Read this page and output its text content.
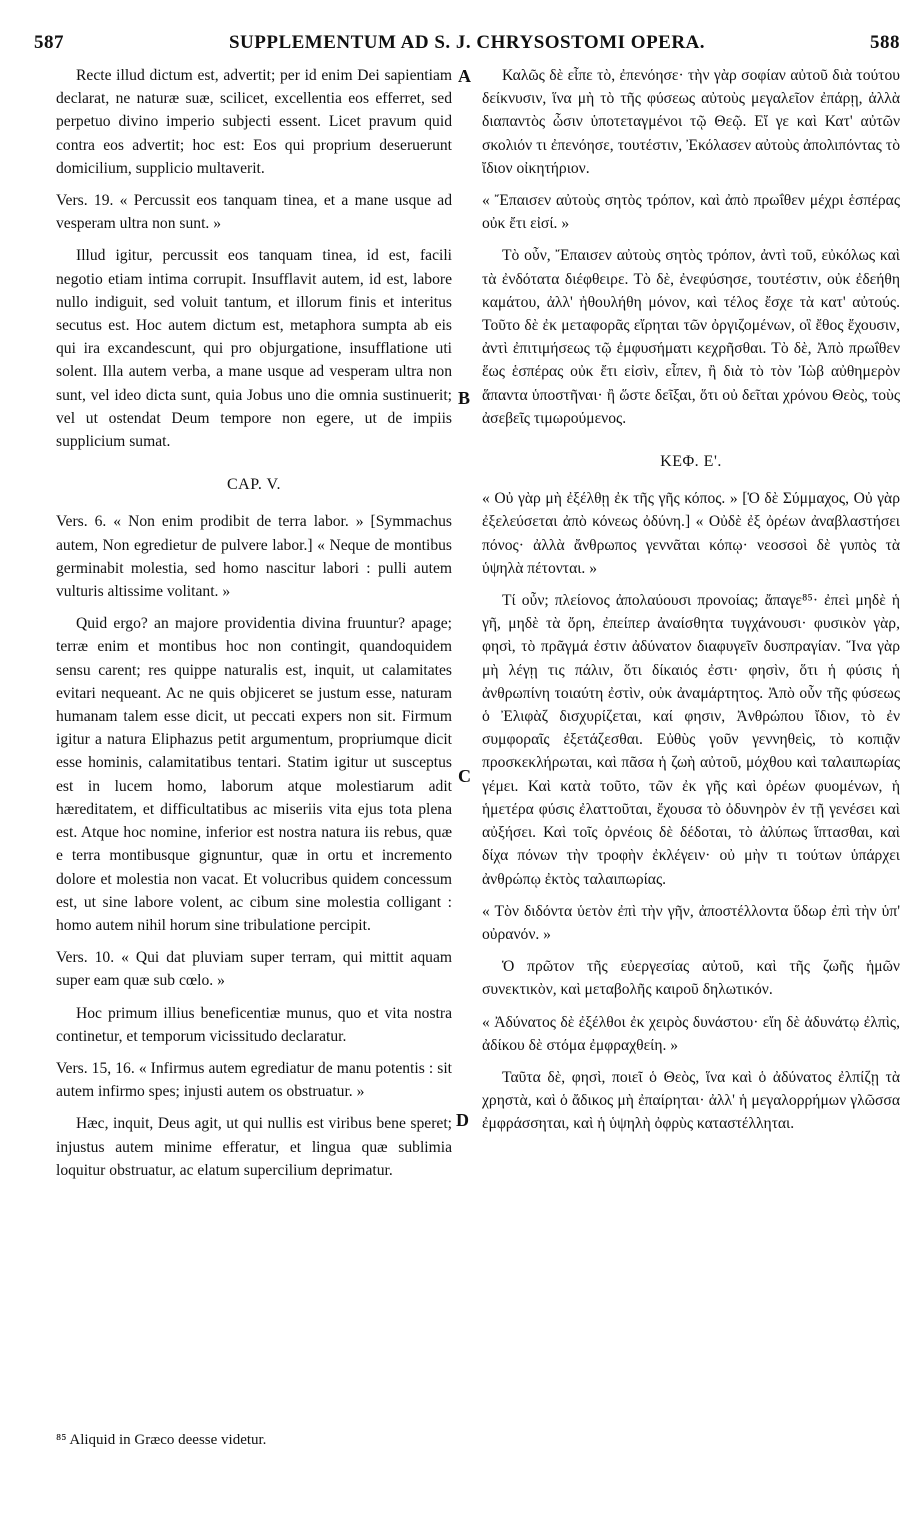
587	SUPPLEMENTUM AD S. J. CHRYSOSTOMI OPERA.	588

Recte illud dictum est, advertit; per id enim Dei sapientiam declarat, ne naturæ suæ, scilicet, excellentia eos efferret, sed perpetuo divino imperio subjecti essent. Licet pravum quid contra eos advertit; hoc est: Eos qui proprium deseruerunt domicilium, supplicio multaverit.

Vers. 19. « Percussit eos tanquam tinea, et a mane usque ad vesperam ultra non sunt. »

Illud igitur, percussit eos tanquam tinea, id est, facili negotio etiam intima corrupit. Insufflavit autem, id est, labore nullo indiguit, sed voluit tantum, et illorum finis et interitus secutus est. Hoc autem dictum est, metaphora sumpta ab eis qui ira excandescunt, qui pro objurgatione, insufflatione uti solent. Illa autem verba, a mane usque ad vesperam ultra non sunt, vel ideo dicta sunt, quia Jobus uno die omnia sustinuerit; vel ut ostendat Deum tempore non egere, ut de impiis supplicium sumat.

CAP. V.

Vers. 6. « Non enim prodibit de terra labor. » [Symmachus autem, Non egredietur de pulvere labor.] « Neque de montibus germinabit molestia, sed homo nascitur labori : pulli autem vulturis altissime volitant. »

Quid ergo? an majore providentia divina fruuntur? apage; terræ enim et montibus hoc non contingit, quandoquidem sensu carent; res quippe naturalis est, inquit, ut calamitates evitari nequeant. Ac ne quis objiceret se justum esse, naturam humanam talem esse dicit, ut peccati expers non sit. Firmum igitur a natura Eliphazus petit argumentum, propriumque dicit esse hominis, calamitatibus tentari. Statim igitur ut susceptus est in lucem homo, laborum atque molestiarum adit hæreditatem, et difficultatibus ac miseriis vita ejus tota plena est. Atque hoc nomine, inferior est nostra natura iis rebus, quæ e terra montibusque gignuntur, quæ in ortu et incremento dolore et molestia non vacat. Et volucribus quidem concessum est, ut sine labore volent, ac cibum sine molestia colligant : homo autem nihil horum sine tribulatione percipit.

Vers. 10. « Qui dat pluviam super terram, qui mittit aquam super eam quæ sub cœlo. »

Hoc primum illius beneficentiæ munus, quo et vita nostra continetur, et temporum vicissitudo declaratur.

Vers. 15, 16. « Infirmus autem egrediatur de manu potentis : sit autem infirmo spes; injusti autem os obstruatur. »

Hæc, inquit, Deus agit, ut qui nullis est viribus bene speret; injustus autem minime efferatur, et lingua quæ sublimia loquitur obstruatur, ac elatum supercilium deprimatur.

A
B
C
D

Καλῶς δὲ εἶπε τὸ, ἐπενόησε· τὴν γὰρ σοφίαν αὐτοῦ διὰ τούτου δείκνυσιν, ἵνα μὴ τὸ τῆς φύσεως αὐτοὺς μεγαλεῖον ἐπάρῃ, ἀλλὰ διαπαντὸς ὦσιν ὑποτεταγμένοι τῷ Θεῷ. Εἴ γε καὶ Κατ' αὐτῶν σκολιόν τι ἐπενόησε, τουτέστιν, Ἐκόλασεν αὐτοὺς ἀπολιπόντας τὸ ἴδιον οἰκητήριον.

« Ἔπαισεν αὐτοὺς σητὸς τρόπον, καὶ ἀπὸ πρωΐθεν μέχρι ἑσπέρας οὐκ ἔτι εἰσί. »

Τὸ οὖν, Ἔπαισεν αὐτοὺς σητὸς τρόπον, ἀντὶ τοῦ, εὐκόλως καὶ τὰ ἐνδότατα διέφθειρε. Τὸ δὲ, ἐνεφύσησε, τουτέστιν, οὐκ ἐδεήθη καμάτου, ἀλλ' ἠθουλήθη μόνον, καὶ τέλος ἔσχε τὰ κατ' αὐτούς. Τοῦτο δὲ ἐκ μεταφορᾶς εἴρηται τῶν ὀργιζομένων, οἳ ἔθος ἔχουσιν, ἀντὶ ἐπιτιμήσεως τῷ ἐμφυσήματι κεχρῆσθαι. Τὸ δὲ, Ἀπὸ πρωΐθεν ἕως ἑσπέρας οὐκ ἔτι εἰσὶν, εἶπεν, ἢ διὰ τὸ τὸν Ἰὼβ αὐθημερὸν ἅπαντα ὑποστῆναι· ἢ ὥστε δεῖξαι, ὅτι οὐ δεῖται χρόνου Θεὸς, τοὺς ἀσεβεῖς τιμωρούμενος.

ΚΕΦ. Ε'.

« Οὐ γὰρ μὴ ἐξέλθῃ ἐκ τῆς γῆς κόπος. » [Ὁ δὲ Σύμμαχος, Οὐ γὰρ ἐξελεύσεται ἀπὸ κόνεως ὀδύνη.] « Οὐδὲ ἐξ ὀρέων ἀναβλαστήσει πόνος· ἀλλὰ ἄνθρωπος γεννᾶται κόπῳ· νεοσσοὶ δὲ γυπὸς τὰ ὑψηλὰ πέτονται. »

Τί οὖν; πλείονος ἀπολαύουσι προνοίας; ἄπαγε⁸⁵· ἐπεὶ μηδὲ ἡ γῆ, μηδὲ τὰ ὄρη, ἐπείπερ ἀναίσθητα τυγχάνουσι· φυσικὸν γὰρ, φησὶ, τὸ πρᾶγμά ἐστιν ἀδύνατον διαφυγεῖν δυσπραγίαν. Ἵνα γὰρ μὴ λέγῃ τις πάλιν, ὅτι δίκαιός ἐστι· φησὶν, ὅτι ἡ φύσις ἡ ἀνθρωπίνη τοιαύτη ἐστὶν, οὐκ ἀναμάρτητος. Ἀπὸ οὖν τῆς φύσεως ὁ Ἐλιφὰζ δισχυρίζεται, καί φησιν, Ἀνθρώπου ἴδιον, τὸ ἐν συμφοραῖς ἐξετάζεσθαι. Εὐθὺς γοῦν γεννηθεὶς, τὸ κοπιᾷν προσκεκλήρωται, καὶ πᾶσα ἡ ζωὴ αὐτοῦ, μόχθου καὶ ταλαιπωρίας γέμει. Καὶ κατὰ τοῦτο, τῶν ἐκ γῆς καὶ ὀρέων φυομένων, ἡ ἡμετέρα φύσις ἐλαττοῦται, ἔχουσα τὸ ὀδυνηρὸν ἐν τῇ γενέσει καὶ αὐξήσει. Καὶ τοῖς ὀρνέοις δὲ δέδοται, τὸ ἀλύπως ἵπτασθαι, καὶ δίχα πόνων τὴν τροφὴν ἐκλέγειν· οὐ μὴν τι τούτων ὑπάρχει ἀνθρώπῳ ἐκτὸς ταλαιπωρίας.

« Τὸν διδόντα ὑετὸν ἐπὶ τὴν γῆν, ἀποστέλλοντα ὕδωρ ἐπὶ τὴν ὑπ' οὐρανόν. »

Ὁ πρῶτον τῆς εὐεργεσίας αὐτοῦ, καὶ τῆς ζωῆς ἡμῶν συνεκτικὸν, καὶ μεταβολῆς καιροῦ δηλωτικόν.

« Ἀδύνατος δὲ ἐξέλθοι ἐκ χειρὸς δυνάστου· εἴη δὲ ἀδυνάτῳ ἐλπὶς, ἀδίκου δὲ στόμα ἐμφραχθείη. »

Ταῦτα δὲ, φησὶ, ποιεῖ ὁ Θεὸς, ἵνα καὶ ὁ ἀδύνατος ἐλπίζῃ τὰ χρηστὰ, καὶ ὁ ἄδικος μὴ ἐπαίρηται· ἀλλ' ἡ μεγαλορρήμων γλῶσσα ἐμφράσσηται, καὶ ἡ ὑψηλὴ ὀφρὺς καταστέλληται.

⁸⁵ Aliquid in Græco deesse videtur.
